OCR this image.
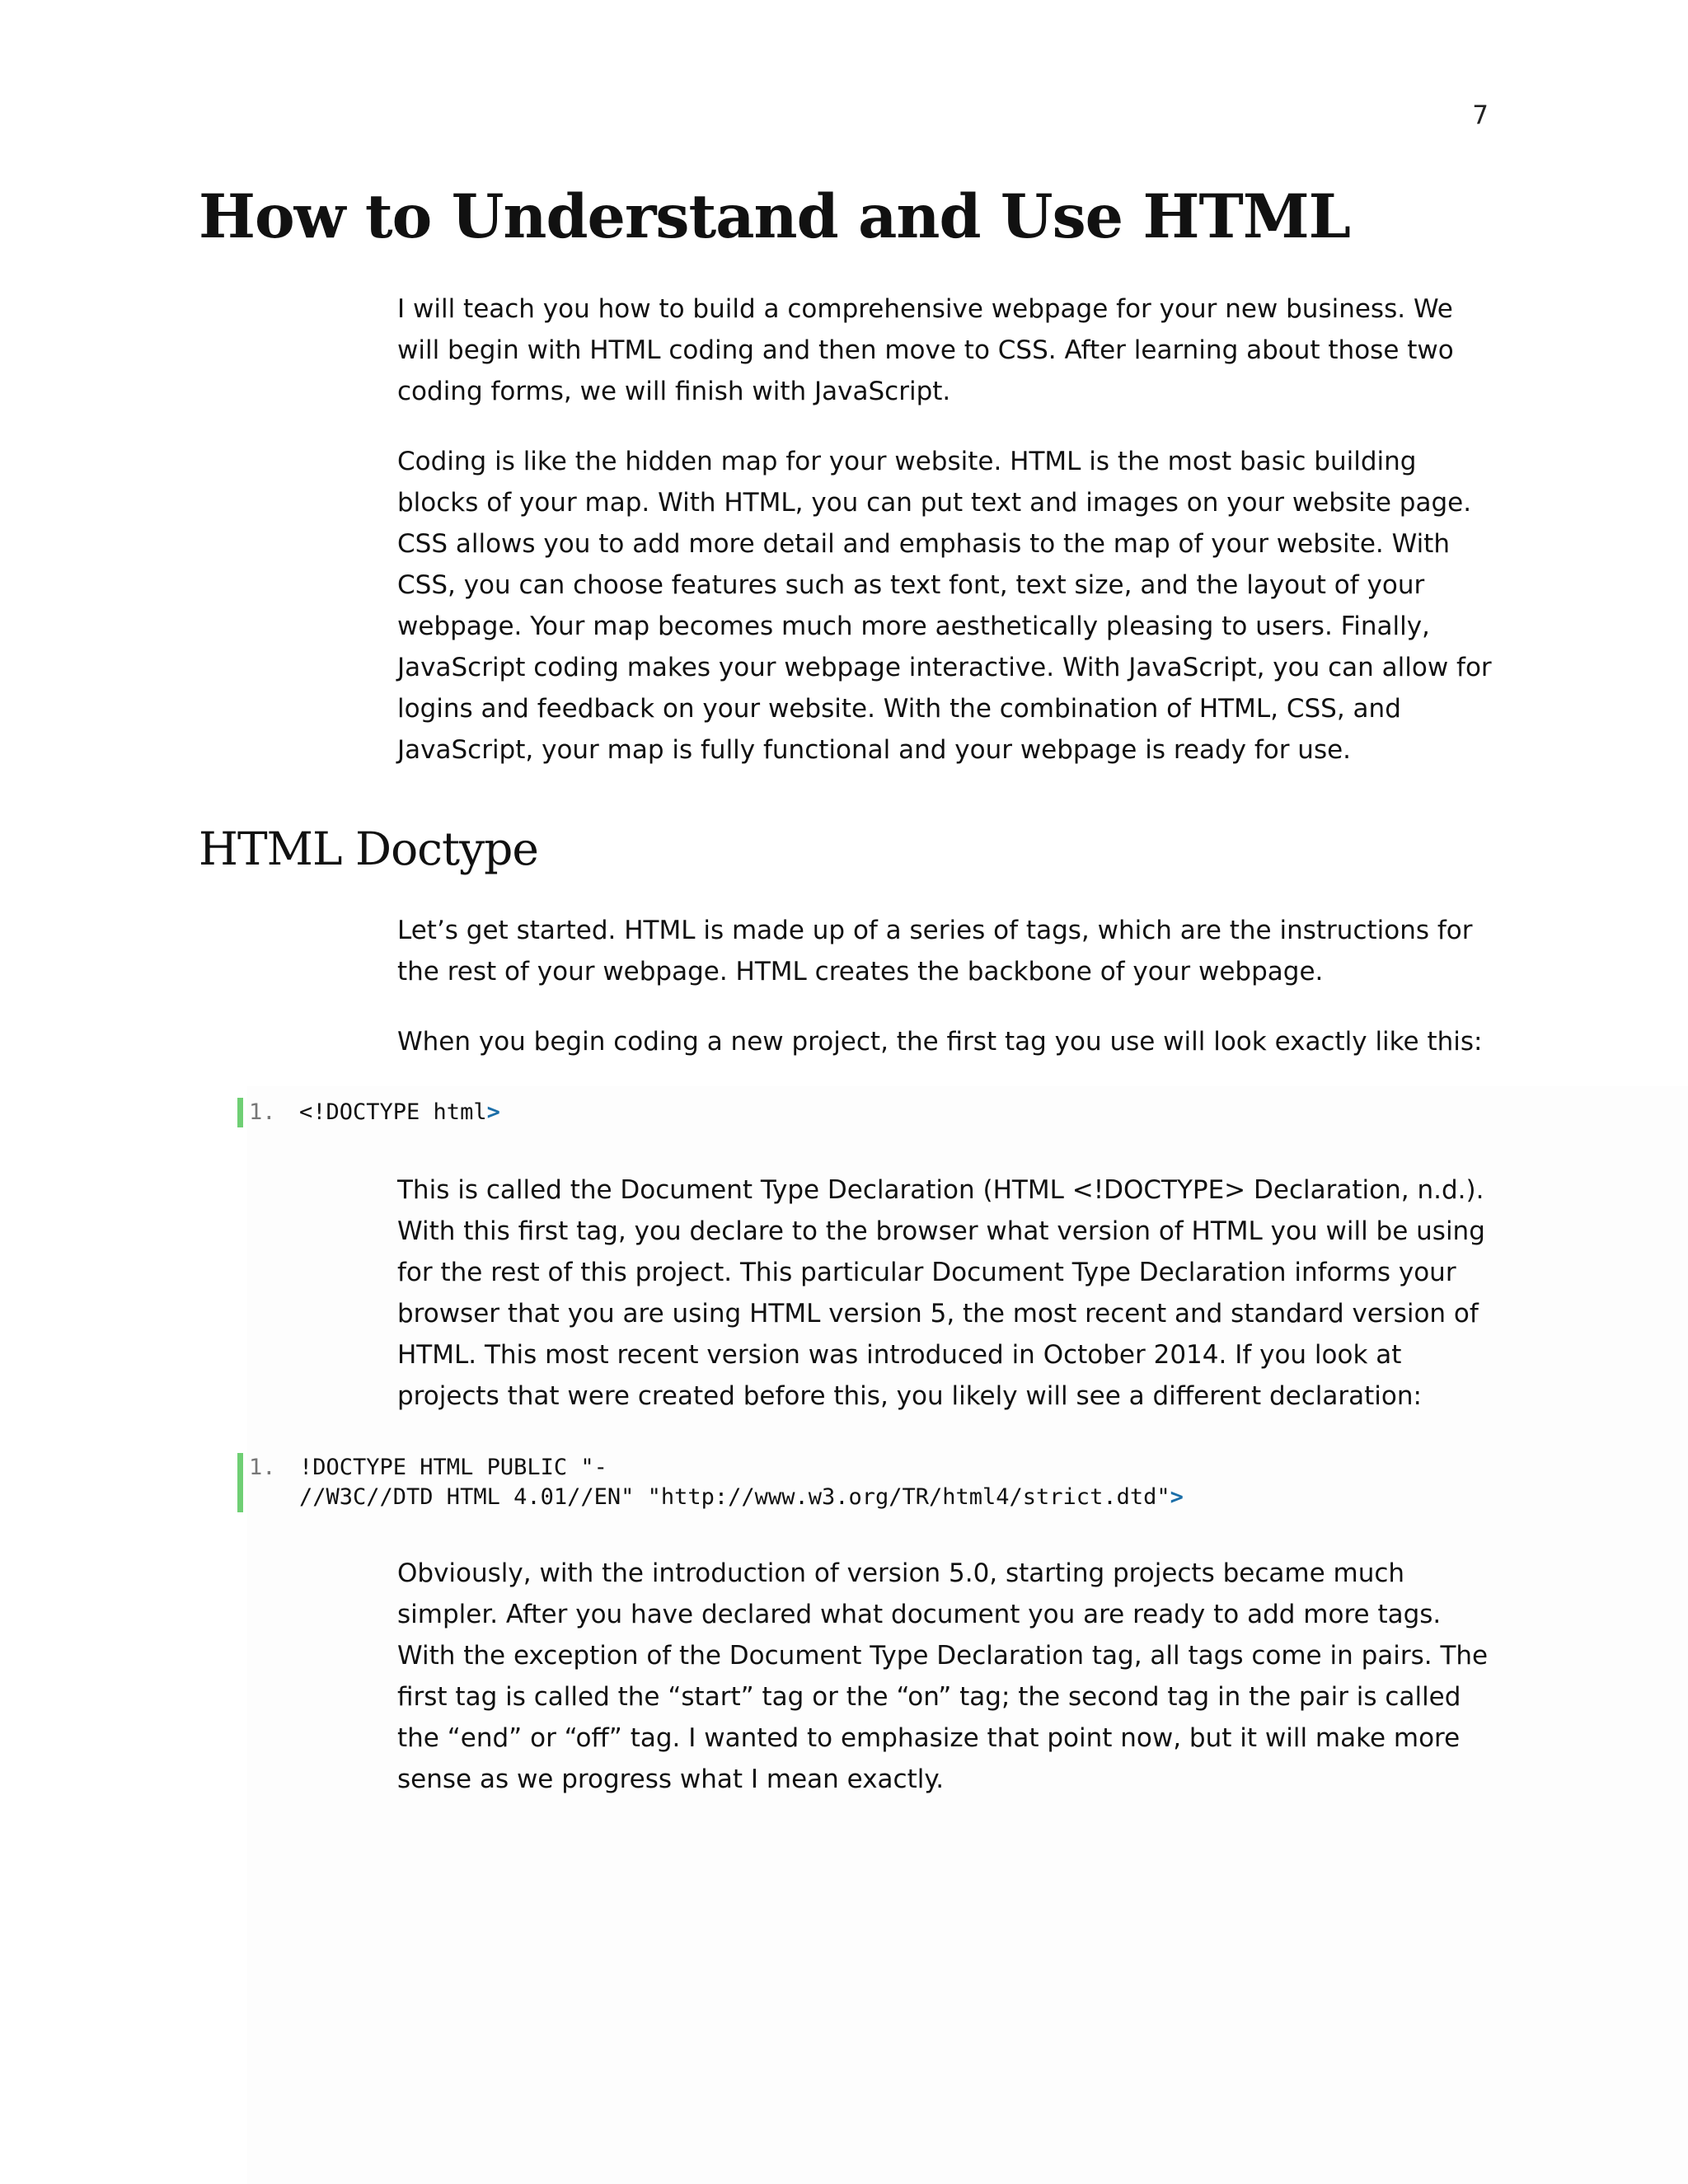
7
How to Understand and Use HTML

I will teach you how to build a comprehensive webpage for your new business. We will begin with HTML coding and then move to CSS. After learning about those two coding forms, we will finish with JavaScript.

Coding is like the hidden map for your website. HTML is the most basic building blocks of your map. With HTML, you can put text and images on your website page. CSS allows you to add more detail and emphasis to the map of your website. With CSS, you can choose features such as text font, text size, and the layout of your webpage. Your map becomes much more aesthetically pleasing to users. Finally, JavaScript coding makes your webpage interactive. With JavaScript, you can allow for logins and feedback on your website. With the combination of HTML, CSS, and JavaScript, your map is fully functional and your webpage is ready for use.

HTML Doctype

Let’s get started. HTML is made up of a series of tags, which are the instructions for the rest of your webpage. HTML creates the backbone of your webpage.

When you begin coding a new project, the first tag you use will look exactly like this:

1.	<!DOCTYPE html>

This is called the Document Type Declaration (HTML <!DOCTYPE> Declaration, n.d.). With this first tag, you declare to the browser what version of HTML you will be using for the rest of this project. This particular Document Type Declaration informs your browser that you are using HTML version 5, the most recent and standard version of HTML. This most recent version was introduced in October 2014. If you look at projects that were created before this, you likely will see a different declaration:

1.	!DOCTYPE HTML PUBLIC "-
//W3C//DTD HTML 4.01//EN" "http://www.w3.org/TR/html4/strict.dtd">

Obviously, with the introduction of version 5.0, starting projects became much simpler. After you have declared what document you are ready to add more tags. With the exception of the Document Type Declaration tag, all tags come in pairs. The first tag is called the “start” tag or the “on” tag; the second tag in the pair is called the “end” or “off” tag. I wanted to emphasize that point now, but it will make more sense as we progress what I mean exactly.
